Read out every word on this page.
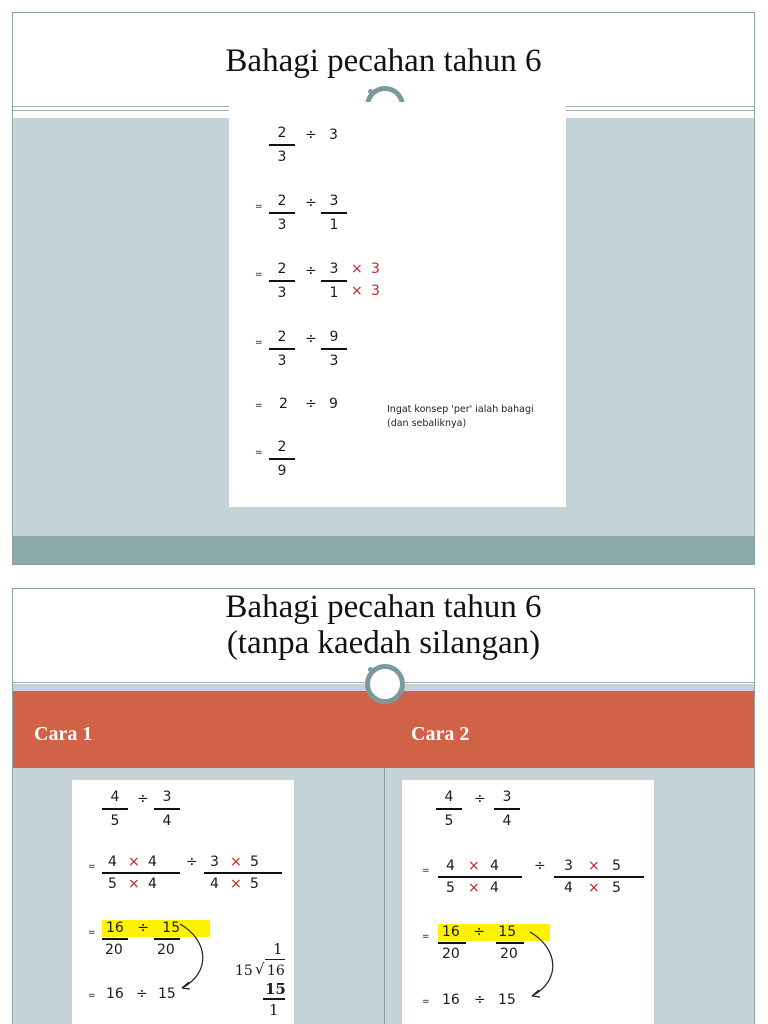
Bahagi pecahan tahun 6
2
3
÷ 3
=	2
3
÷ 3
1
=	2
3
÷ 3
1
× 3
× 3
=	2
3
÷ 9
3
= 2 ÷ 9	Ingat konsep 'per' ialah bahagi
(dan sebaliknya)
=	2
9
Bahagi pecahan tahun 6
(tanpa kaedah silangan)
Cara 1	Cara 2
4
5
÷ 3
4
= 4 × 4
5 × 4
÷ 3 × 5
4 × 5
= 16 ÷ 15
20 20
= 16 ÷ 15
1
15 √ 16
15
1
4
5
÷	3
4
= 4 × 4
5 × 4
÷ 3 × 5
4 × 5
= 16 ÷ 15
20	20
= 16 ÷ 15
